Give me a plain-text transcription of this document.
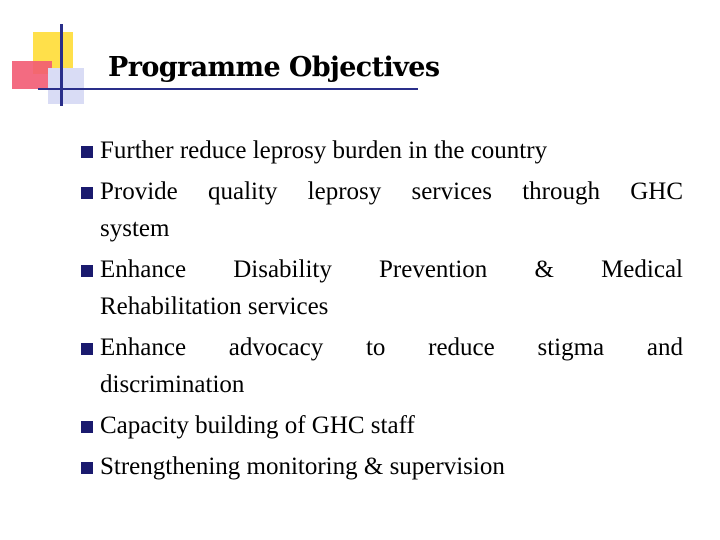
Programme Objectives
Further reduce leprosy burden in the country
Provide quality leprosy services through GHC
system
Enhance Disability Prevention & Medical
Rehabilitation services
Enhance advocacy to reduce stigma and
discrimination
Capacity building of GHC staff
Strengthening monitoring & supervision
